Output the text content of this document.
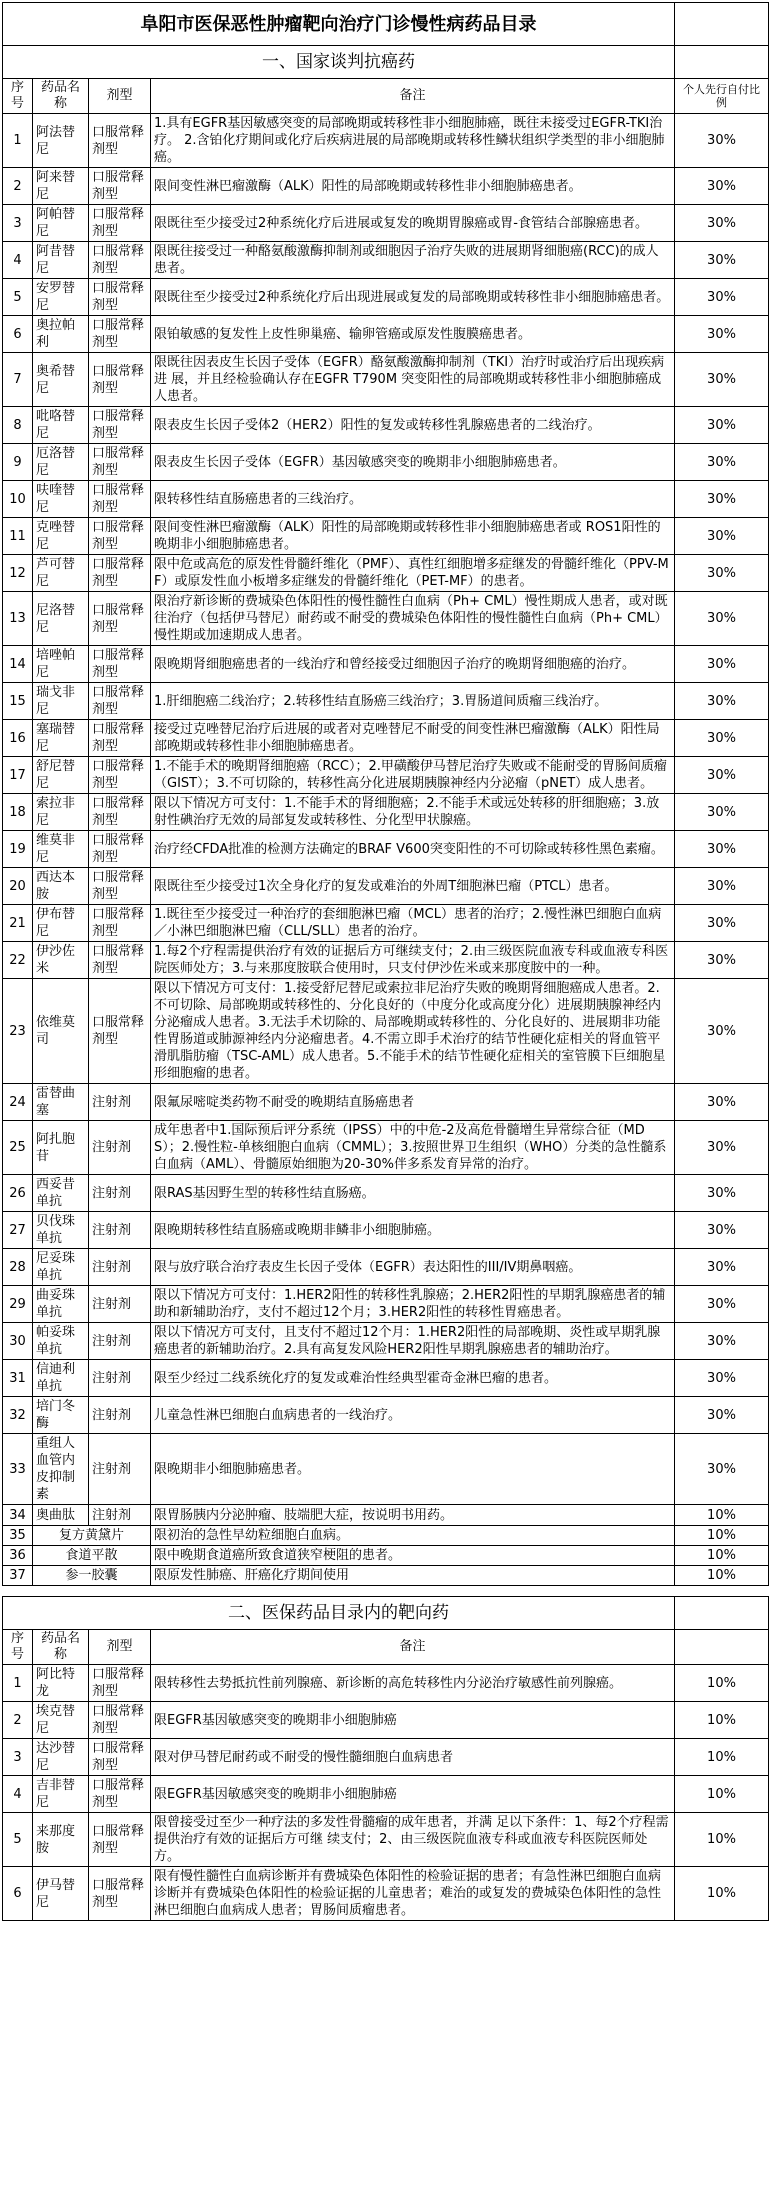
阜阳市医保恶性肿瘤靶向治疗门诊慢性病药品目录				
一、国家谈判抗癌药				
序号	药品名称	剂型	备注	个人先行自付比例
1	阿法替尼	口服常释剂型	1.具有EGFR基因敏感突变的局部晚期或转移性非小细胞肺癌，既往未接受过EGFR-TKI治疗。 2.含铂化疗期间或化疗后疾病进展的局部晚期或转移性鳞状组织学类型的非小细胞肺癌。	30%
2	阿来替尼	口服常释剂型	限间变性淋巴瘤激酶（ALK）阳性的局部晚期或转移性非小细胞肺癌患者。	30%
3	阿帕替尼	口服常释剂型	限既往至少接受过2种系统化疗后进展或复发的晚期胃腺癌或胃-食管结合部腺癌患者。	30%
4	阿昔替尼	口服常释剂型	限既往接受过一种酪氨酸激酶抑制剂或细胞因子治疗失败的进展期肾细胞癌(RCC)的成人患者。	30%
5	安罗替尼	口服常释剂型	限既往至少接受过2种系统化疗后出现进展或复发的局部晚期或转移性非小细胞肺癌患者。	30%
6	奥拉帕利	口服常释剂型	限铂敏感的复发性上皮性卵巢癌、输卵管癌或原发性腹膜癌患者。	30%
7	奥希替尼	口服常释剂型	限既往因表皮生长因子受体（EGFR）酪氨酸激酶抑制剂（TKI）治疗时或治疗后出现疾病进 展，并且经检验确认存在EGFR T790M 突变阳性的局部晚期或转移性非小细胞肺癌成人患者。	30%
8	吡咯替尼	口服常释剂型	限表皮生长因子受体2（HER2）阳性的复发或转移性乳腺癌患者的二线治疗。	30%
9	厄洛替尼	口服常释剂型	限表皮生长因子受体（EGFR）基因敏感突变的晚期非小细胞肺癌患者。	30%
10	呋喹替尼	口服常释剂型	限转移性结直肠癌患者的三线治疗。	30%
11	克唑替尼	口服常释剂型	限间变性淋巴瘤激酶（ALK）阳性的局部晚期或转移性非小细胞肺癌患者或 ROS1阳性的晚期非小细胞肺癌患者。	30%
12	芦可替尼	口服常释剂型	限中危或高危的原发性骨髓纤维化（PMF）、真性红细胞增多症继发的骨髓纤维化（PPV-MF）或原发性血小板增多症继发的骨髓纤维化（PET-MF）的患者。	30%
13	尼洛替尼	口服常释剂型	限治疗新诊断的费城染色体阳性的慢性髓性白血病（Ph+ CML）慢性期成人患者，或对既往治疗（包括伊马替尼）耐药或不耐受的费城染色体阳性的慢性髓性白血病（Ph+ CML）慢性期或加速期成人患者。	30%
14	培唑帕尼	口服常释剂型	限晚期肾细胞癌患者的一线治疗和曾经接受过细胞因子治疗的晚期肾细胞癌的治疗。	30%
15	瑞戈非尼	口服常释剂型	1.肝细胞癌二线治疗；2.转移性结直肠癌三线治疗；3.胃肠道间质瘤三线治疗。	30%
16	塞瑞替尼	口服常释剂型	接受过克唑替尼治疗后进展的或者对克唑替尼不耐受的间变性淋巴瘤激酶（ALK）阳性局部晚期或转移性非小细胞肺癌患者。	30%
17	舒尼替尼	口服常释剂型	1.不能手术的晚期肾细胞癌（RCC）；2.甲磺酸伊马替尼治疗失败或不能耐受的胃肠间质瘤（GIST）；3.不可切除的，转移性高分化进展期胰腺神经内分泌瘤（pNET）成人患者。	30%
18	索拉非尼	口服常释剂型	限以下情况方可支付：1.不能手术的肾细胞癌；2.不能手术或远处转移的肝细胞癌；3.放射性碘治疗无效的局部复发或转移性、分化型甲状腺癌。	30%
19	维莫非尼	口服常释剂型	治疗经CFDA批准的检测方法确定的BRAF V600突变阳性的不可切除或转移性黑色素瘤。	30%
20	西达本胺	口服常释剂型	限既往至少接受过1次全身化疗的复发或难治的外周T细胞淋巴瘤（PTCL）患者。	30%
21	伊布替尼	口服常释剂型	1.既往至少接受过一种治疗的套细胞淋巴瘤（MCL）患者的治疗；2.慢性淋巴细胞白血病／小淋巴细胞淋巴瘤（CLL/SLL）患者的治疗。	30%
22	伊沙佐米	口服常释剂型	1.每2个疗程需提供治疗有效的证据后方可继续支付；2.由三级医院血液专科或血液专科医院医师处方；3.与来那度胺联合使用时，只支付伊沙佐米或来那度胺中的一种。	30%
23	依维莫司	口服常释剂型	限以下情况方可支付：1.接受舒尼替尼或索拉非尼治疗失败的晚期肾细胞癌成人患者。2.不可切除、局部晚期或转移性的、分化良好的（中度分化或高度分化）进展期胰腺神经内分泌瘤成人患者。3.无法手术切除的、局部晚期或转移性的、分化良好的、进展期非功能性胃肠道或肺源神经内分泌瘤患者。4.不需立即手术治疗的结节性硬化症相关的肾血管平滑肌脂肪瘤（TSC-AML）成人患者。5.不能手术的结节性硬化症相关的室管膜下巨细胞星形细胞瘤的患者。	30%
24	雷替曲塞	注射剂	限氟尿嘧啶类药物不耐受的晚期结直肠癌患者	30%
25	阿扎胞苷	注射剂	成年患者中1.国际预后评分系统（IPSS）中的中危-2及高危骨髓增生异常综合征（MDS）；2.慢性粒-单核细胞白血病（CMML）；3.按照世界卫生组织（WHO）分类的急性髓系白血病（AML）、骨髓原始细胞为20-30%伴多系发育异常的治疗。	30%
26	西妥昔单抗	注射剂	限RAS基因野生型的转移性结直肠癌。	30%
27	贝伐珠单抗	注射剂	限晚期转移性结直肠癌或晚期非鳞非小细胞肺癌。	30%
28	尼妥珠单抗	注射剂	限与放疗联合治疗表皮生长因子受体（EGFR）表达阳性的III/IV期鼻咽癌。	30%
29	曲妥珠单抗	注射剂	限以下情况方可支付：1.HER2阳性的转移性乳腺癌；2.HER2阳性的早期乳腺癌患者的辅助和新辅助治疗，支付不超过12个月；3.HER2阳性的转移性胃癌患者。	30%
30	帕妥珠单抗	注射剂	限以下情况方可支付，且支付不超过12个月：1.HER2阳性的局部晚期、炎性或早期乳腺癌患者的新辅助治疗。2.具有高复发风险HER2阳性早期乳腺癌患者的辅助治疗。	30%
31	信迪利单抗	注射剂	限至少经过二线系统化疗的复发或难治性经典型霍奇金淋巴瘤的患者。	30%
32	培门冬酶	注射剂	儿童急性淋巴细胞白血病患者的一线治疗。	30%
33	重组人血管内皮抑制素	注射剂	限晚期非小细胞肺癌患者。	30%
34	奥曲肽	注射剂	限胃肠胰内分泌肿瘤、肢端肥大症，按说明书用药。	10%
35	复方黄黛片		限初治的急性早幼粒细胞白血病。	10%
36	食道平散		限中晚期食道癌所致食道狭窄梗阻的患者。	10%
37	参一胶囊		限原发性肺癌、肝癌化疗期间使用	10%

二、医保药品目录内的靶向药				
序号	药品名称	剂型	备注	
1	阿比特龙	口服常释剂型	限转移性去势抵抗性前列腺癌、新诊断的高危转移性内分泌治疗敏感性前列腺癌。	10%
2	埃克替尼	口服常释剂型	限EGFR基因敏感突变的晚期非小细胞肺癌	10%
3	达沙替尼	口服常释剂型	限对伊马替尼耐药或不耐受的慢性髓细胞白血病患者	10%
4	吉非替尼	口服常释剂型	限EGFR基因敏感突变的晚期非小细胞肺癌	10%
5	来那度胺	口服常释剂型	限曾接受过至少一种疗法的多发性骨髓瘤的成年患者，并满 足以下条件：1、每2个疗程需提供治疗有效的证据后方可继 续支付；2、由三级医院血液专科或血液专科医院医师处方。	10%
6	伊马替尼	口服常释剂型	限有慢性髓性白血病诊断并有费城染色体阳性的检验证据的患者；有急性淋巴细胞白血病诊断并有费城染色体阳性的检验证据的儿童患者；难治的或复发的费城染色体阳性的急性淋巴细胞白血病成人患者；胃肠间质瘤患者。	10%
